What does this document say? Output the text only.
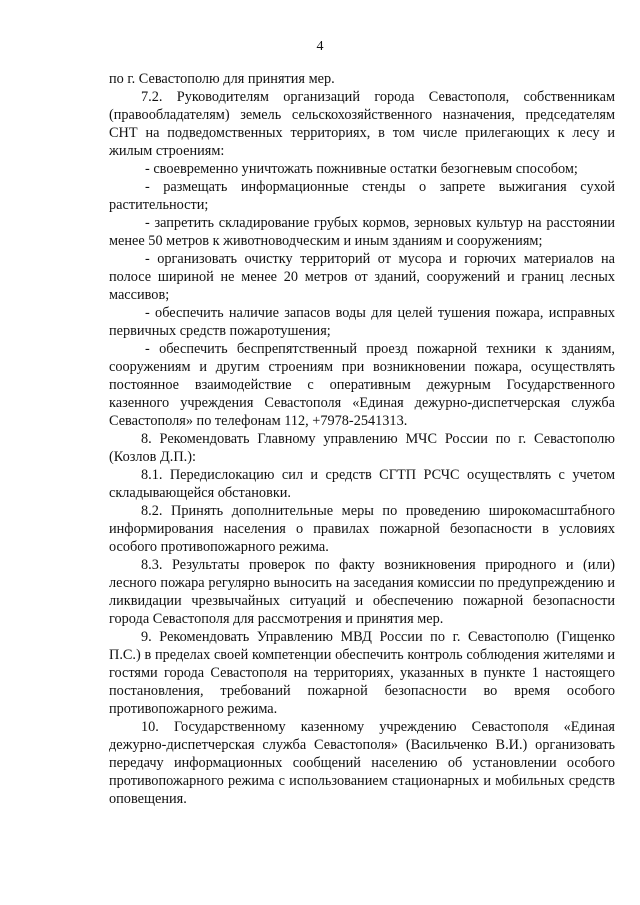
4

по г. Севастополю для принятия мер.

7.2. Руководителям организаций города Севастополя, собственникам (правообладателям) земель сельскохозяйственного назначения, председателям СНТ на подведомственных территориях, в том числе прилегающих к лесу и жилым строениям:

- своевременно уничтожать пожнивные остатки безогневым способом;

- размещать информационные стенды о запрете выжигания сухой растительности;

- запретить складирование грубых кормов, зерновых культур на расстоянии менее 50 метров к животноводческим и иным зданиям и сооружениям;

- организовать очистку территорий от мусора и горючих материалов на полосе шириной не менее 20 метров от зданий, сооружений и границ лесных массивов;

- обеспечить наличие запасов воды для целей тушения пожара, исправных первичных средств пожаротушения;

- обеспечить беспрепятственный проезд пожарной техники к зданиям, сооружениям и другим строениям при возникновении пожара, осуществлять постоянное взаимодействие с оперативным дежурным Государственного казенного учреждения Севастополя «Единая дежурно-диспетчерская служба Севастополя» по телефонам 112, +7978-2541313.

8. Рекомендовать Главному управлению МЧС России по г. Севастополю (Козлов Д.П.):

8.1. Передислокацию сил и средств СГТП РСЧС осуществлять с учетом складывающейся обстановки.

8.2. Принять дополнительные меры по проведению широкомасштабного информирования населения о правилах пожарной безопасности в условиях особого противопожарного режима.

8.3. Результаты проверок по факту возникновения природного и (или) лесного пожара регулярно выносить на заседания комиссии по предупреждению и ликвидации чрезвычайных ситуаций и обеспечению пожарной безопасности города Севастополя для рассмотрения и принятия мер.

9. Рекомендовать Управлению МВД России по г. Севастополю (Гищенко П.С.) в пределах своей компетенции обеспечить контроль соблюдения жителями и гостями города Севастополя на территориях, указанных в пункте 1 настоящего постановления, требований пожарной безопасности во время особого противопожарного режима.

10. Государственному казенному учреждению Севастополя «Единая дежурно-диспетчерская служба Севастополя» (Васильченко В.И.) организовать передачу информационных сообщений населению об установлении особого противопожарного режима с использованием стационарных и мобильных средств оповещения.
